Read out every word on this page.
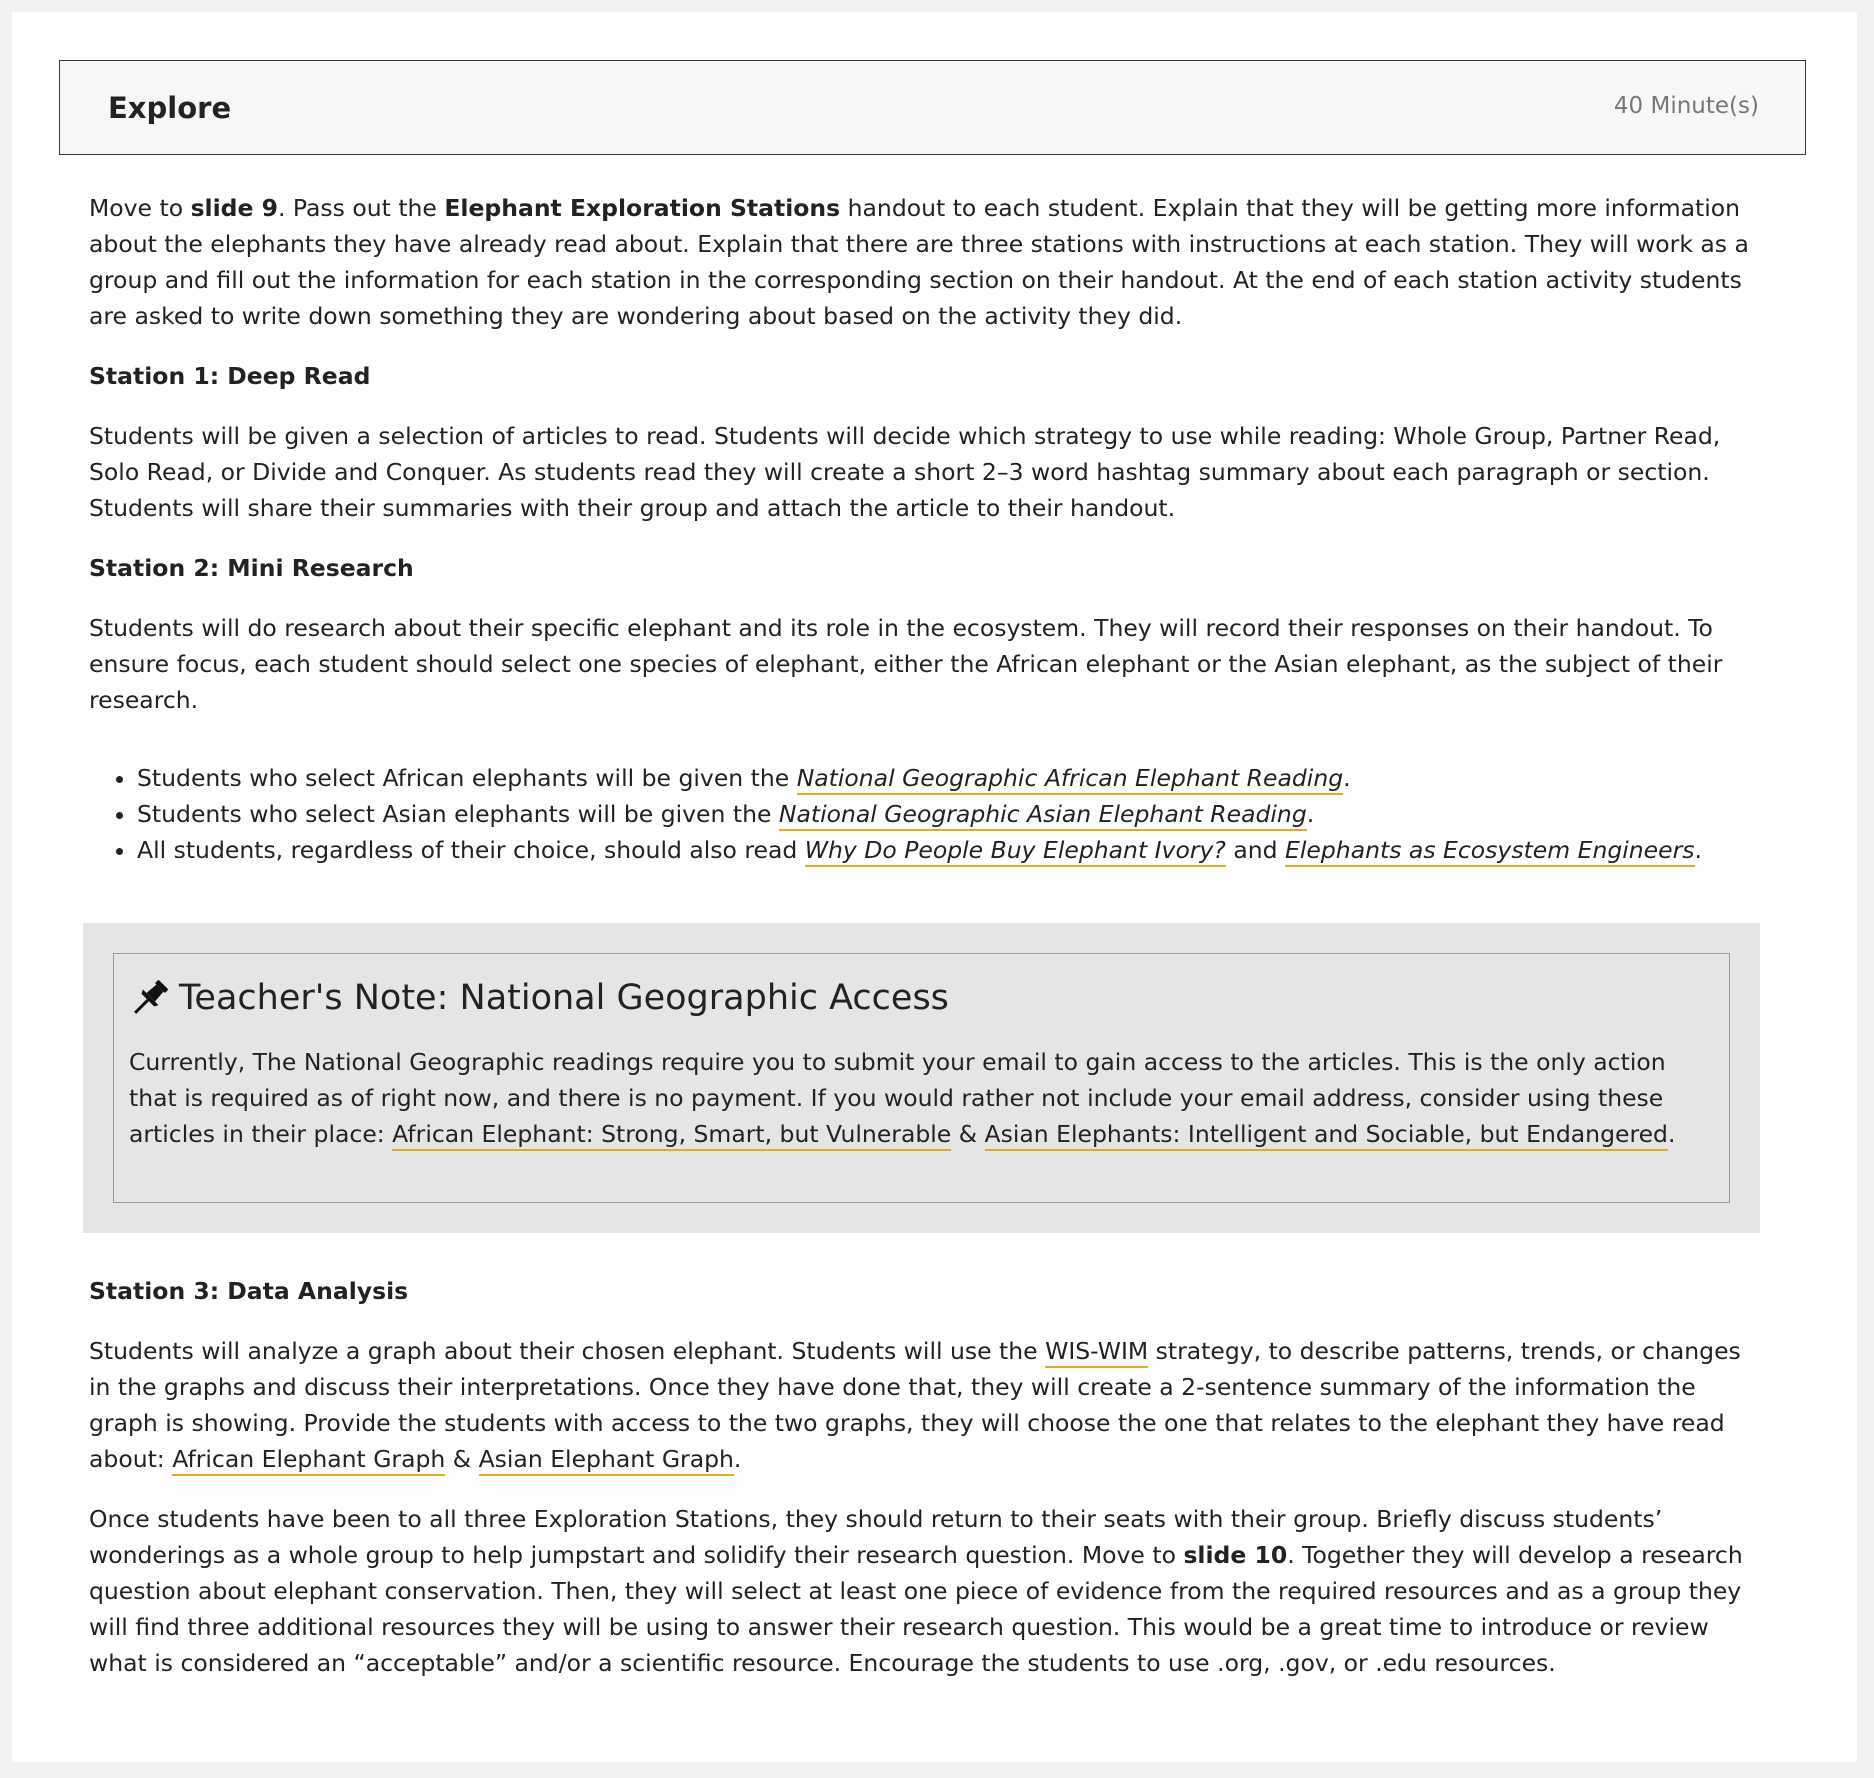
Explore	40 Minute(s)

Move to slide 9. Pass out the Elephant Exploration Stations handout to each student. Explain that they will be getting more information about the elephants they have already read about. Explain that there are three stations with instructions at each station. They will work as a group and fill out the information for each station in the corresponding section on their handout. At the end of each station activity students are asked to write down something they are wondering about based on the activity they did.

Station 1: Deep Read

Students will be given a selection of articles to read. Students will decide which strategy to use while reading: Whole Group, Partner Read, Solo Read, or Divide and Conquer. As students read they will create a short 2–3 word hashtag summary about each paragraph or section. Students will share their summaries with their group and attach the article to their handout.

Station 2: Mini Research

Students will do research about their specific elephant and its role in the ecosystem. They will record their responses on their handout. To ensure focus, each student should select one species of elephant, either the African elephant or the Asian elephant, as the subject of their research.

• Students who select African elephants will be given the National Geographic African Elephant Reading.
• Students who select Asian elephants will be given the National Geographic Asian Elephant Reading.
• All students, regardless of their choice, should also read Why Do People Buy Elephant Ivory? and Elephants as Ecosystem Engineers.
Teacher's Note: National Geographic Access

Currently, The National Geographic readings require you to submit your email to gain access to the articles. This is the only action that is required as of right now, and there is no payment. If you would rather not include your email address, consider using these articles in their place: African Elephant: Strong, Smart, but Vulnerable & Asian Elephants: Intelligent and Sociable, but Endangered.

Station 3: Data Analysis

Students will analyze a graph about their chosen elephant. Students will use the WIS-WIM strategy, to describe patterns, trends, or changes in the graphs and discuss their interpretations. Once they have done that, they will create a 2-sentence summary of the information the graph is showing. Provide the students with access to the two graphs, they will choose the one that relates to the elephant they have read about: African Elephant Graph & Asian Elephant Graph.

Once students have been to all three Exploration Stations, they should return to their seats with their group. Briefly discuss students’ wonderings as a whole group to help jumpstart and solidify their research question. Move to slide 10. Together they will develop a research question about elephant conservation. Then, they will select at least one piece of evidence from the required resources and as a group they will find three additional resources they will be using to answer their research question. This would be a great time to introduce or review what is considered an “acceptable” and/or a scientific resource. Encourage the students to use .org, .gov, or .edu resources.
